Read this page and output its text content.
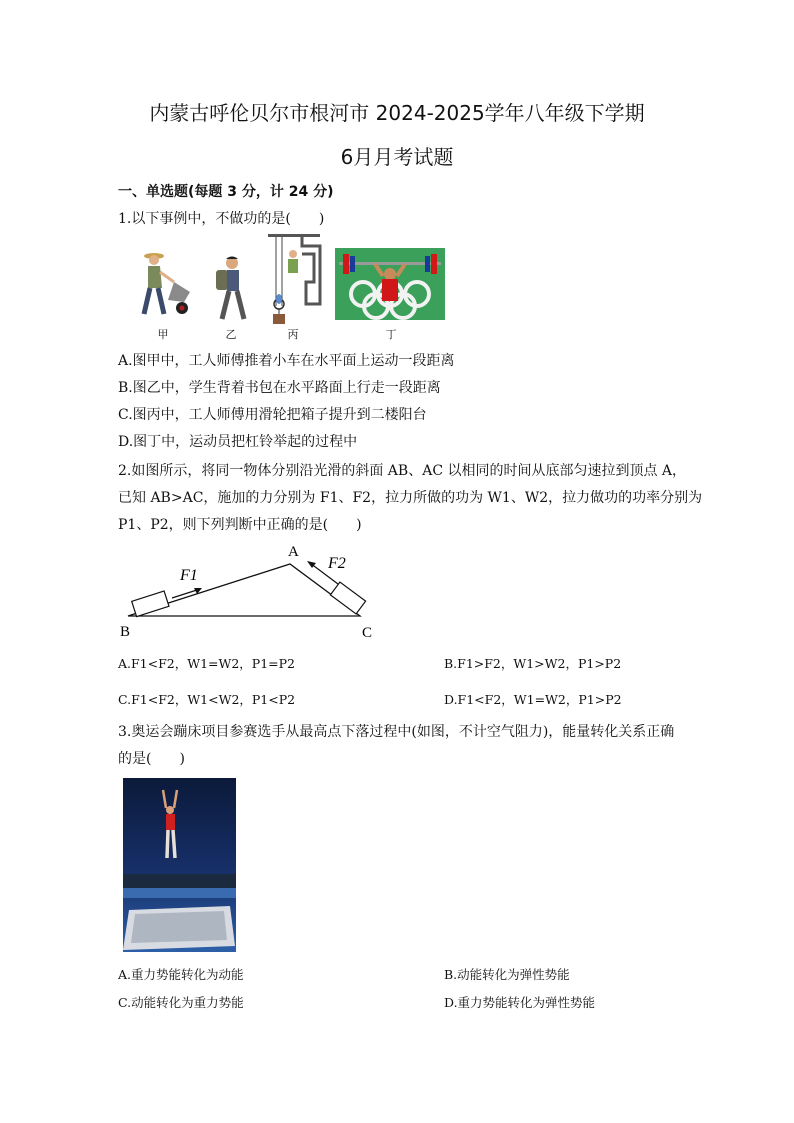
内蒙古呼伦贝尔市根河市 2024-2025学年八年级下学期
6月月考试题
一、单选题(每题 3 分，计 24 分)
1.以下事例中，不做功的是(　　)
甲	乙	丙	丁
A.图甲中，工人师傅推着小车在水平面上运动一段距离
B.图乙中，学生背着书包在水平路面上行走一段距离
C.图丙中，工人师傅用滑轮把箱子提升到二楼阳台
D.图丁中，运动员把杠铃举起的过程中
2.如图所示，将同一物体分别沿光滑的斜面 AB、AC 以相同的时间从底部匀速拉到顶点 A，
已知 AB>AC，施加的力分别为 F1、F2，拉力所做的功为 W1、W2，拉力做功的功率分别为
P1、P2，则下列判断中正确的是(　　)
A
B	C
F1
F2
A.F1<F2，W1=W2，P1=P2	B.F1>F2，W1>W2，P1>P2
C.F1<F2，W1<W2，P1<P2	D.F1<F2，W1=W2，P1>P2
3.奥运会蹦床项目参赛选手从最高点下落过程中(如图，不计空气阻力)，能量转化关系正确
的是(　　)
A.重力势能转化为动能	B.动能转化为弹性势能
C.动能转化为重力势能	D.重力势能转化为弹性势能
